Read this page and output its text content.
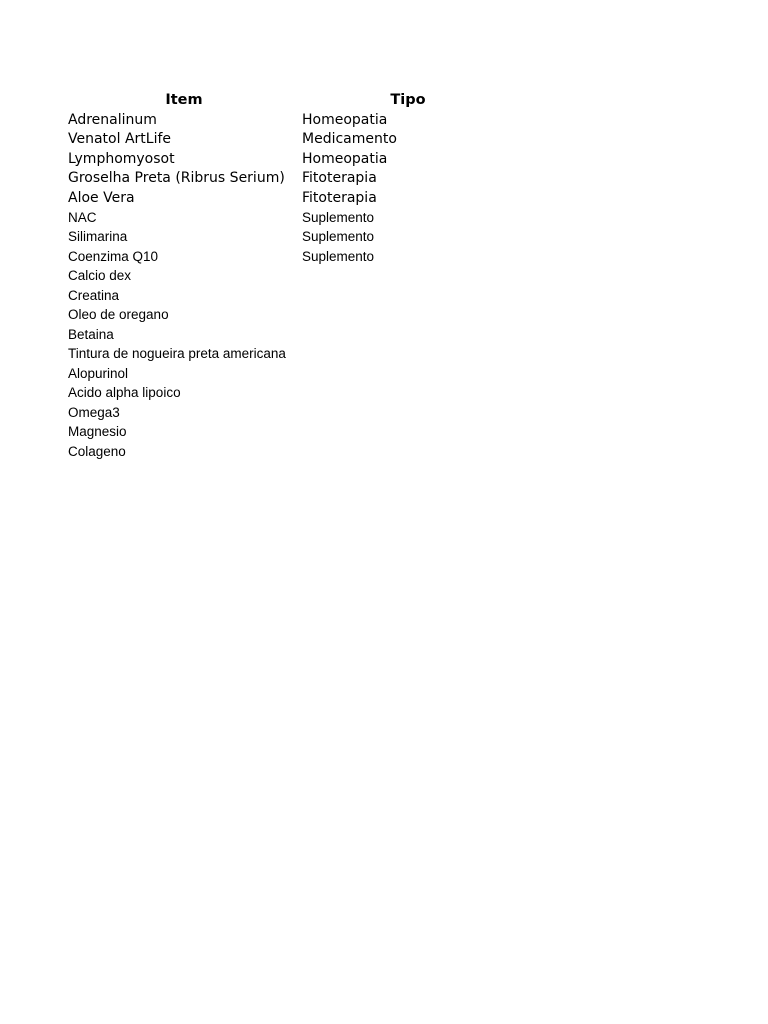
Item	Tipo
Adrenalinum	Homeopatia
Venatol ArtLife	Medicamento
Lymphomyosot	Homeopatia
Groselha Preta (Ribrus Serium)	Fitoterapia
Aloe Vera	Fitoterapia
NAC	Suplemento
Silimarina	Suplemento
Coenzima Q10	Suplemento
Calcio dex	
Creatina	
Oleo de oregano	
Betaina	
Tintura de nogueira preta americana	
Alopurinol	
Acido alpha lipoico	
Omega3	
Magnesio	
Colageno	
